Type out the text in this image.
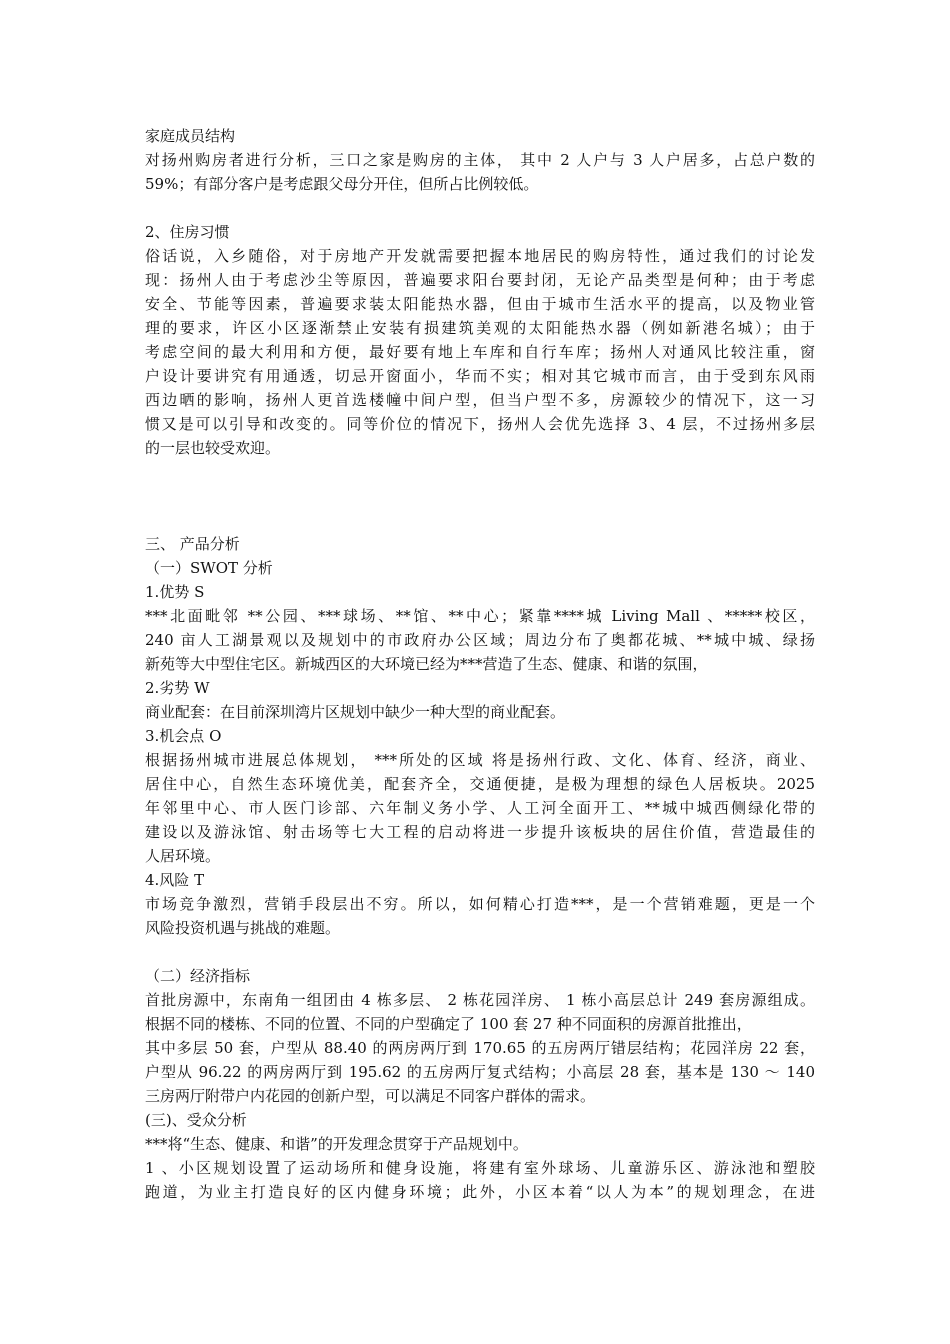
家庭成员结构
对扬州购房者进行分析，三口之家是购房的主体， 其中 2 人户与 3 人户居多，占总户数的
59%；有部分客户是考虑跟父母分开住，但所占比例较低。
2、住房习惯
俗话说，入乡随俗，对于房地产开发就需要把握本地居民的购房特性，通过我们的讨论发
现：扬州人由于考虑沙尘等原因，普遍要求阳台要封闭，无论产品类型是何种；由于考虑
安全、节能等因素，普遍要求装太阳能热水器，但由于城市生活水平的提高，以及物业管
理的要求，许区小区逐渐禁止安装有损建筑美观的太阳能热水器（例如新港名城）；由于
考虑空间的最大利用和方便，最好要有地上车库和自行车库；扬州人对通风比较注重，窗
户设计要讲究有用通透，切忌开窗面小，华而不实；相对其它城市而言，由于受到东风雨
西边晒的影响，扬州人更首选楼幢中间户型，但当户型不多，房源较少的情况下，这一习
惯又是可以引导和改变的。同等价位的情况下，扬州人会优先选择 3、4 层，不过扬州多层
的一层也较受欢迎。
三、 产品分析
（一）SWOT 分析
1.优势 S
***北面毗邻 **公园、***球场、**馆、**中心；紧靠****城 Living Mall 、*****校区，
240 亩人工湖景观以及规划中的市政府办公区域；周边分布了奥都花城、**城中城、绿扬
新苑等大中型住宅区。新城西区的大环境已经为***营造了生态、健康、和谐的氛围，
2.劣势 W
商业配套：在目前深圳湾片区规划中缺少一种大型的商业配套。
3.机会点 O
根据扬州城市进展总体规划， ***所处的区域 将是扬州行政、文化、体育、经济，商业、
居住中心，自然生态环境优美，配套齐全，交通便捷，是极为理想的绿色人居板块。2025
年邻里中心、市人医门诊部、六年制义务小学、人工河全面开工、**城中城西侧绿化带的
建设以及游泳馆、射击场等七大工程的启动将进一步提升该板块的居住价值，营造最佳的
人居环境。
4.风险 T
市场竞争激烈，营销手段层出不穷。所以，如何精心打造***，是一个营销难题，更是一个
风险投资机遇与挑战的难题。
（二）经济指标
首批房源中，东南角一组团由 4 栋多层、 2 栋花园洋房、 1 栋小高层总计 249 套房源组成。
根据不同的楼栋、不同的位置、不同的户型确定了 100 套 27 种不同面积的房源首批推出，
其中多层 50 套，户型从 88.40 的两房两厅到 170.65 的五房两厅错层结构；花园洋房 22 套，
户型从 96.22 的两房两厅到 195.62 的五房两厅复式结构；小高层 28 套，基本是 130 ～ 140
三房两厅附带户内花园的创新户型，可以满足不同客户群体的需求。
(三)、受众分析
***将“生态、健康、和谐”的开发理念贯穿于产品规划中。
1 、小区规划设置了运动场所和健身设施，将建有室外球场、儿童游乐区、游泳池和塑胶
跑道，为业主打造良好的区内健身环境；此外，小区本着“以人为本”的规划理念，在进
